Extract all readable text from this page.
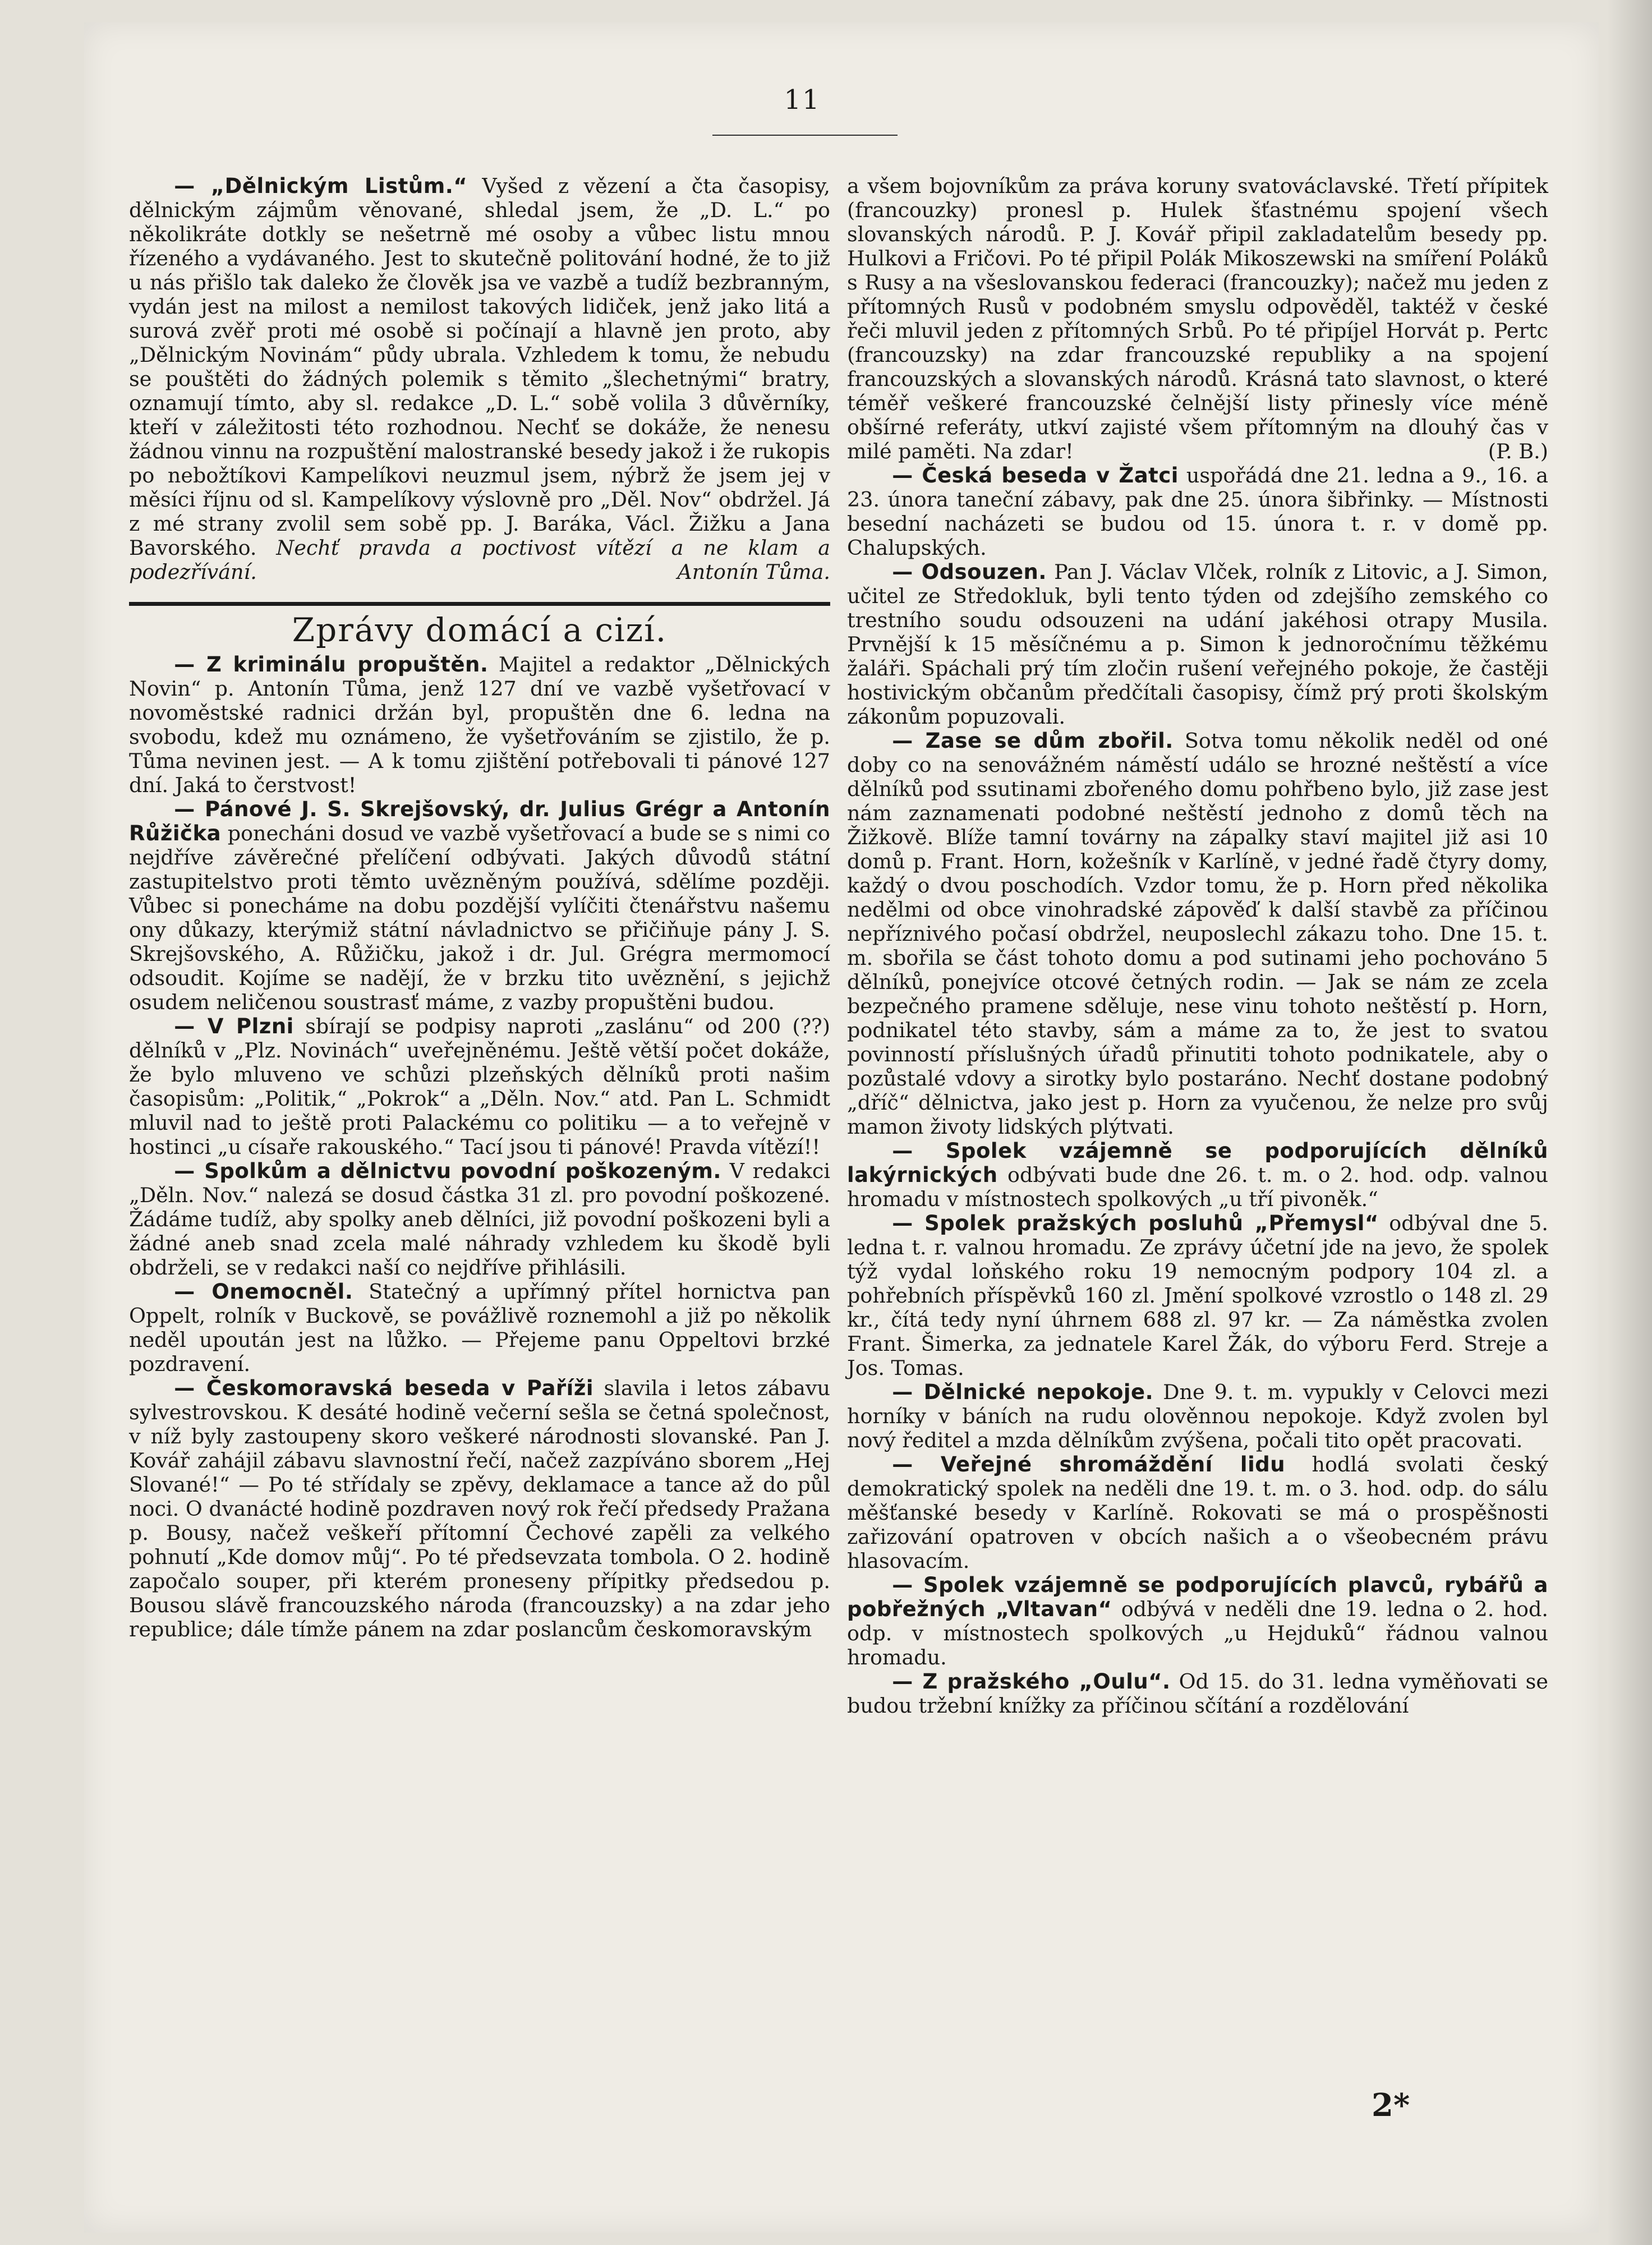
11

— „Dělnickým Listům.“ Vyšed z vězení a čta časopisy, dělnickým zájmům věnované, shledal jsem, že „D. L.“ po několikráte dotkly se nešetrně mé osoby a vůbec listu mnou řízeného a vydávaného. Jest to skutečně politování hodné, že to již u nás přišlo tak daleko že člověk jsa ve vazbě a tudíž bezbranným, vydán jest na milost a nemilost takových lidiček, jenž jako litá a surová zvěř proti mé osobě si počínají a hlavně jen proto, aby „Dělnickým Novinám“ půdy ubrala. Vzhledem k tomu, že nebudu se pouštěti do žádných polemik s těmito „šlechetnými“ bratry, oznamují tímto, aby sl. redakce „D. L.“ sobě volila 3 důvěrníky, kteří v záležitosti této rozhodnou. Nechť se dokáže, že nenesu žádnou vinnu na rozpuštění malostranské besedy jakož i že rukopis po nebožtíkovi Kampelíkovi neuzmul jsem, nýbrž že jsem jej v měsíci říjnu od sl. Kampelíkovy výslovně pro „Děl. Nov“ obdržel. Já z mé strany zvolil sem sobě pp. J. Baráka, Václ. Žižku a Jana Bavorského. Nechť pravda a poctivost vítězí a ne klam a podezřívání.	Antonín Tůma.

Zprávy domácí a cizí.

— Z kriminálu propuštěn. Majitel a redaktor „Dělnických Novin“ p. Antonín Tůma, jenž 127 dní ve vazbě vyšetřovací v novoměstské radnici držán byl, propuštěn dne 6. ledna na svobodu, kdež mu oznámeno, že vyšetřováním se zjistilo, že p. Tůma nevinen jest. — A k tomu zjištění potřebovali ti pánové 127 dní. Jaká to čerstvost!

— Pánové J. S. Skrejšovský, dr. Julius Grégr a Antonín Růžička ponecháni dosud ve vazbě vyšetřovací a bude se s nimi co nejdříve závěrečné přelíčení odbývati. Jakých důvodů státní zastupitelstvo proti těmto uvězněným používá, sdělíme později. Vůbec si ponecháme na dobu pozdější vylíčiti čtenářstvu našemu ony důkazy, kterýmiž státní návladnictvo se přičiňuje pány J. S. Skrejšovského, A. Růžičku, jakož i dr. Jul. Grégra mermomocí odsoudit. Kojíme se nadějí, že v brzku tito uvěznění, s jejichž osudem neličenou soustrasť máme, z vazby propuštěni budou.

— V Plzni sbírají se podpisy naproti „zaslánu“ od 200 (??) dělníků v „Plz. Novinách“ uveřejněnému. Ještě větší počet dokáže, že bylo mluveno ve schůzi plzeňských dělníků proti našim časopisům: „Politik,“ „Pokrok“ a „Děln. Nov.“ atd. Pan L. Schmidt mluvil nad to ještě proti Palackému co politiku — a to veřejně v hostinci „u císaře rakouského.“ Tací jsou ti pánové! Pravda vítězí!!

— Spolkům a dělnictvu povodní poškozeným. V redakci „Děln. Nov.“ nalezá se dosud částka 31 zl. pro povodní poškozené. Žádáme tudíž, aby spolky aneb dělníci, již povodní poškozeni byli a žádné aneb snad zcela malé náhrady vzhledem ku škodě byli obdrželi, se v redakci naší co nejdříve přihlásili.

— Onemocněl. Statečný a upřímný přítel hornictva pan Oppelt, rolník v Buckově, se povážlivě roznemohl a již po několik neděl upoután jest na lůžko. — Přejeme panu Oppeltovi brzké pozdravení.

— Českomoravská beseda v Paříži slavila i letos zábavu sylvestrovskou. K desáté hodině večerní sešla se četná společnost, v níž byly zastoupeny skoro veškeré národnosti slovanské. Pan J. Kovář zahájil zábavu slavnostní řečí, načež zazpíváno sborem „Hej Slované!“ — Po té střídaly se zpěvy, deklamace a tance až do půl noci. O dvanácté hodině pozdraven nový rok řečí předsedy Pražana p. Bousy, načež veškeří přítomní Čechové zapěli za velkého pohnutí „Kde domov můj“. Po té předsevzata tombola. O 2. hodině započalo souper, při kterém proneseny přípitky předsedou p. Bousou slávě francouzského národa (francouzsky) a na zdar jeho republice; dále tímže pánem na zdar poslancům českomoravským

a všem bojovníkům za práva koruny svatováclavské. Třetí přípitek (francouzky) pronesl p. Hulek šťastnému spojení všech slovanských národů. P. J. Kovář připil zakladatelům besedy pp. Hulkovi a Fričovi. Po té připil Polák Mikoszewski na smíření Poláků s Rusy a na všeslovanskou federaci (francouzky); načež mu jeden z přítomných Rusů v podobném smyslu odpověděl, taktéž v české řeči mluvil jeden z přítomných Srbů. Po té připíjel Horvát p. Pertc (francouzsky) na zdar francouzské republiky a na spojení francouzských a slovanských národů. Krásná tato slavnost, o které téměř veškeré francouzské čelnější listy přinesly více méně obšírné referáty, utkví zajisté všem přítomným na dlouhý čas v milé paměti. Na zdar!	(P. B.)

— Česká beseda v Žatci uspořádá dne 21. ledna a 9., 16. a 23. února taneční zábavy, pak dne 25. února šibřinky. — Místnosti besední nacházeti se budou od 15. února t. r. v domě pp. Chalupských.

— Odsouzen. Pan J. Václav Vlček, rolník z Litovic, a J. Simon, učitel ze Středokluk, byli tento týden od zdejšího zemského co trestního soudu odsouzeni na udání jakéhosi otrapy Musila. Prvnější k 15 měsíčnému a p. Simon k jednoročnímu těžkému žaláři. Spáchali prý tím zločin rušení veřejného pokoje, že častěji hostivickým občanům předčítali časopisy, čímž prý proti školským zákonům popuzovali.

— Zase se dům zbořil. Sotva tomu několik neděl od oné doby co na senovážném náměstí událo se hrozné neštěstí a více dělníků pod ssutinami zbořeného domu pohřbeno bylo, již zase jest nám zaznamenati podobné neštěstí jednoho z domů těch na Žižkově. Blíže tamní továrny na zápalky staví majitel již asi 10 domů p. Frant. Horn, kožešník v Karlíně, v jedné řadě čtyry domy, každý o dvou poschodích. Vzdor tomu, že p. Horn před několika nedělmi od obce vinohradské zápověď k další stavbě za příčinou nepříznivého počasí obdržel, neuposlechl zákazu toho. Dne 15. t. m. sbořila se část tohoto domu a pod sutinami jeho pochováno 5 dělníků, ponejvíce otcové četných rodin. — Jak se nám ze zcela bezpečného pramene sděluje, nese vinu tohoto neštěstí p. Horn, podnikatel této stavby, sám a máme za to, že jest to svatou povinností příslušných úřadů přinutiti tohoto podnikatele, aby o pozůstalé vdovy a sirotky bylo postaráno. Nechť dostane podobný „dříč“ dělnictva, jako jest p. Horn za vyučenou, že nelze pro svůj mamon životy lidských plýtvati.

— Spolek vzájemně se podporujících dělníků lakýrnických odbývati bude dne 26. t. m. o 2. hod. odp. valnou hromadu v místnostech spolkových „u tří pivoněk.“

— Spolek pražských posluhů „Přemysl“ odbýval dne 5. ledna t. r. valnou hromadu. Ze zprávy účetní jde na jevo, že spolek týž vydal loňského roku 19 nemocným podpory 104 zl. a pohřebních příspěvků 160 zl. Jmění spolkové vzrostlo o 148 zl. 29 kr., čítá tedy nyní úhrnem 688 zl. 97 kr. — Za náměstka zvolen Frant. Šimerka, za jednatele Karel Žák, do výboru Ferd. Streje a Jos. Tomas.

— Dělnické nepokoje. Dne 9. t. m. vypukly v Celovci mezi horníky v báních na rudu olověnnou nepokoje. Když zvolen byl nový ředitel a mzda dělníkům zvýšena, počali tito opět pracovati.

— Veřejné shromáždění lidu hodlá svolati český demokratický spolek na neděli dne 19. t. m. o 3. hod. odp. do sálu měšťanské besedy v Karlíně. Rokovati se má o prospěšnosti zařizování opatroven v obcích našich a o všeobecném právu hlasovacím.

— Spolek vzájemně se podporujících plavců, rybářů a pobřežných „Vltavan“ odbývá v neděli dne 19. ledna o 2. hod. odp. v místnostech spolkových „u Hejduků“ řádnou valnou hromadu.

— Z pražského „Oulu“. Od 15. do 31. ledna vyměňovati se budou tržební knížky za příčinou sčítání a rozdělování

2*
